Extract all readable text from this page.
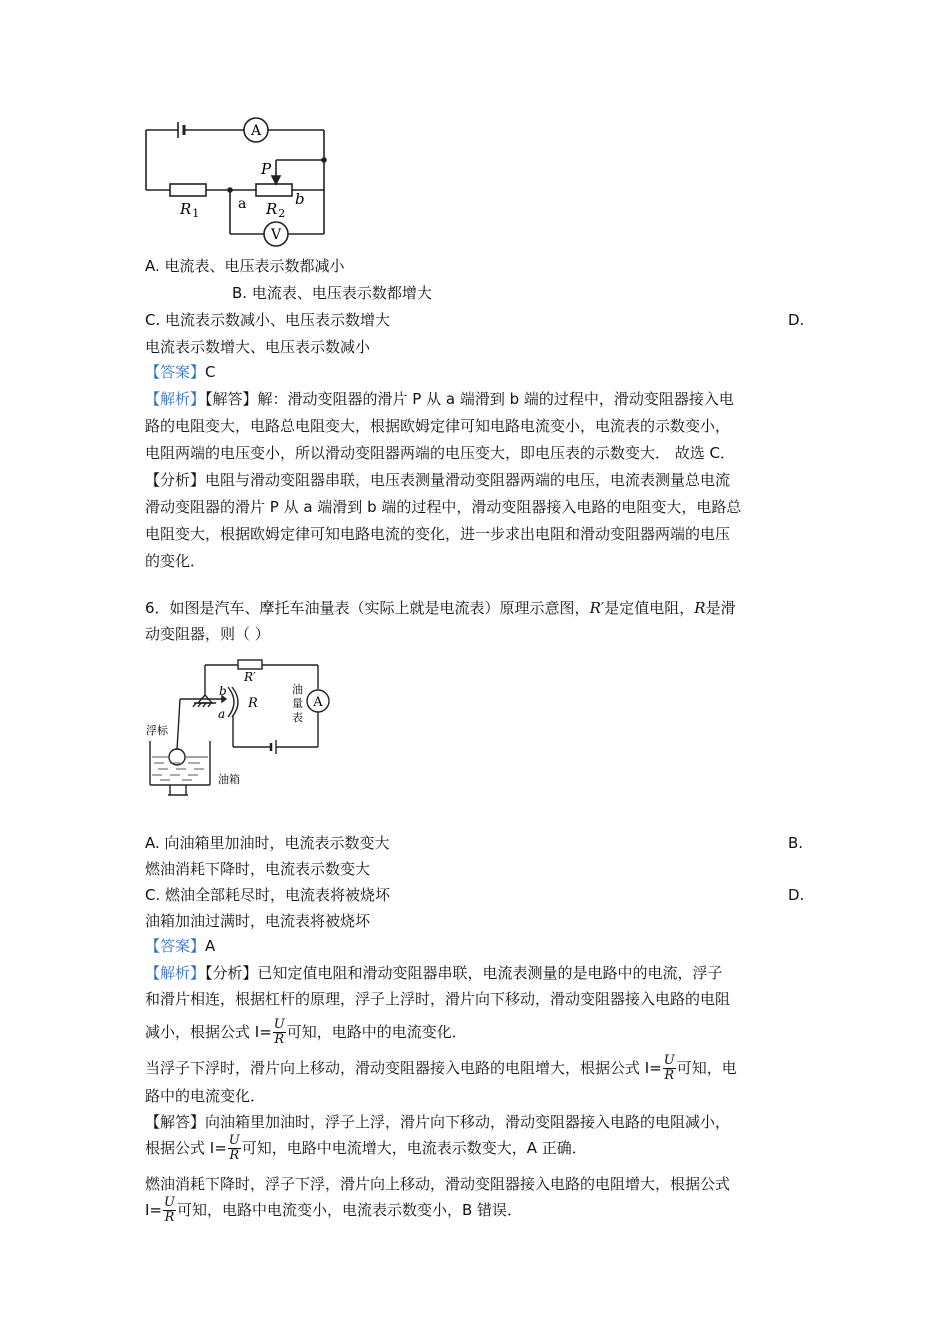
A
V
$R_1$	$R_2$
P
a	b
A. 电流表、电压表示数都减小
B. 电流表、电压表示数都增大
C. 电流表示数减小、电压表示数增大	D.
电流表示数增大、电压表示数减小
【答案】C
【解析】【解答】解：滑动变阻器的滑片 P 从 a 端滑到 b 端的过程中，滑动变阻器接入电
路的电阻变大，电路总电阻变大，根据欧姆定律可知电路电流变小，电流表的示数变小，
电阻两端的电压变小，所以滑动变阻器两端的电压变大，即电压表的示数变大． 故选 C．
【分析】电阻与滑动变阻器串联，电压表测量滑动变阻器两端的电压，电流表测量总电流
滑动变阻器的滑片 P 从 a 端滑到 b 端的过程中，滑动变阻器接入电路的电阻变大，电路总
电阻变大，根据欧姆定律可知电路电流的变化，进一步求出电阻和滑动变阻器两端的电压
的变化．
6．如图是汽车、摩托车油量表（实际上就是电流表）原理示意图，R′是定值电阻，R是滑
动变阻器，则（ ）
R′
b
R
a
A
油
量
表
浮标
油箱
A. 向油箱里加油时，电流表示数变大	B.
燃油消耗下降时，电流表示数变大
C. 燃油全部耗尽时，电流表将被烧坏	D.
油箱加油过满时，电流表将被烧坏
【答案】A
【解析】【分析】已知定值电阻和滑动变阻器串联，电流表测量的是电路中的电流，浮子
和滑片相连，根据杠杆的原理，浮子上浮时，滑片向下移动，滑动变阻器接入电路的电阻
减小，根据公式 $I= \frac{U}{R}$ 可知，电路中的电流变化．
当浮子下浮时，滑片向上移动，滑动变阻器接入电路的电阻增大，根据公式 $I= \frac{U}{R}$ 可知，电
路中的电流变化．
【解答】向油箱里加油时，浮子上浮，滑片向下移动，滑动变阻器接入电路的电阻减小，
根据公式 $I= \frac{U}{R}$ 可知，电路中电流增大，电流表示数变大，A 正确．
燃油消耗下降时，浮子下浮，滑片向上移动，滑动变阻器接入电路的电阻增大，根据公式
$I= \frac{U}{R}$ 可知，电路中电流变小，电流表示数变小，B 错误．
